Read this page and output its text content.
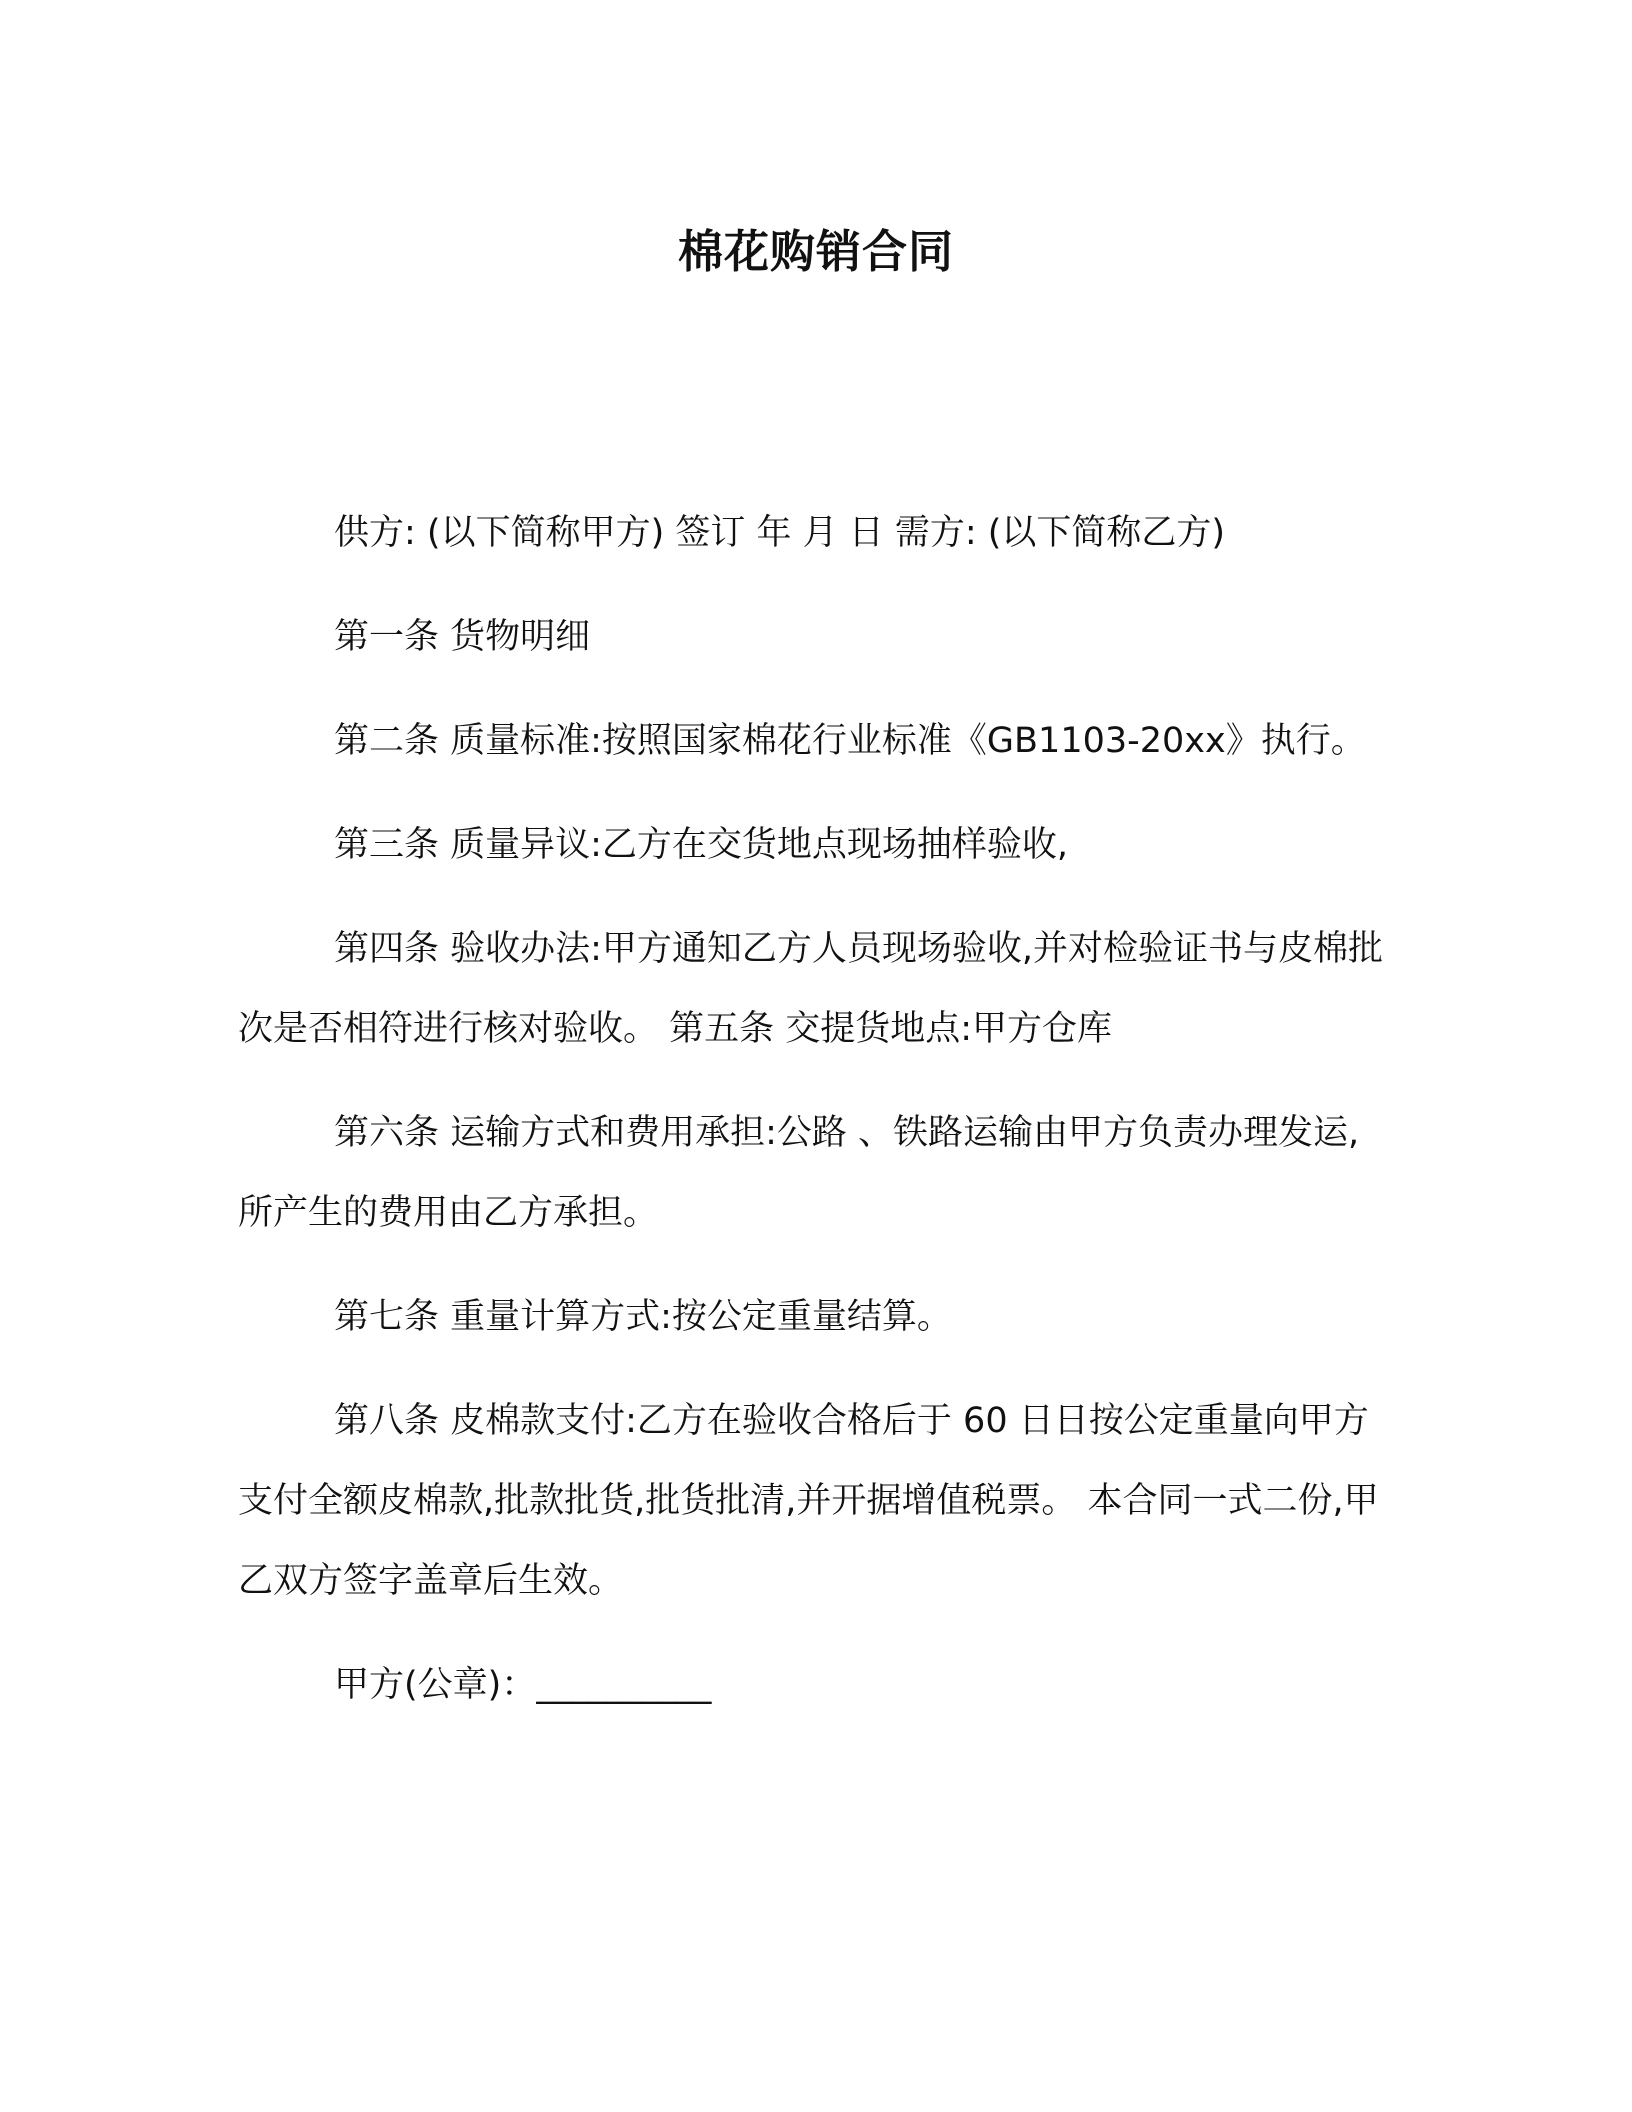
棉花购销合同

供方: (以下简称甲方) 签订 年 月 日 需方: (以下简称乙方)

第一条 货物明细

第二条 质量标准:按照国家棉花行业标准《GB1103-20xx》执行。

第三条 质量异议:乙方在交货地点现场抽样验收,

第四条 验收办法:甲方通知乙方人员现场验收,并对检验证书与皮棉批次是否相符进行核对验收。 第五条 交提货地点:甲方仓库

第六条 运输方式和费用承担:公路 、铁路运输由甲方负责办理发运,所产生的费用由乙方承担。

第七条 重量计算方式:按公定重量结算。

第八条 皮棉款支付:乙方在验收合格后于 60 日日按公定重量向甲方支付全额皮棉款,批款批货,批货批清,并开据增值税票。 本合同一式二份,甲乙双方签字盖章后生效。

甲方(公章)：__________
